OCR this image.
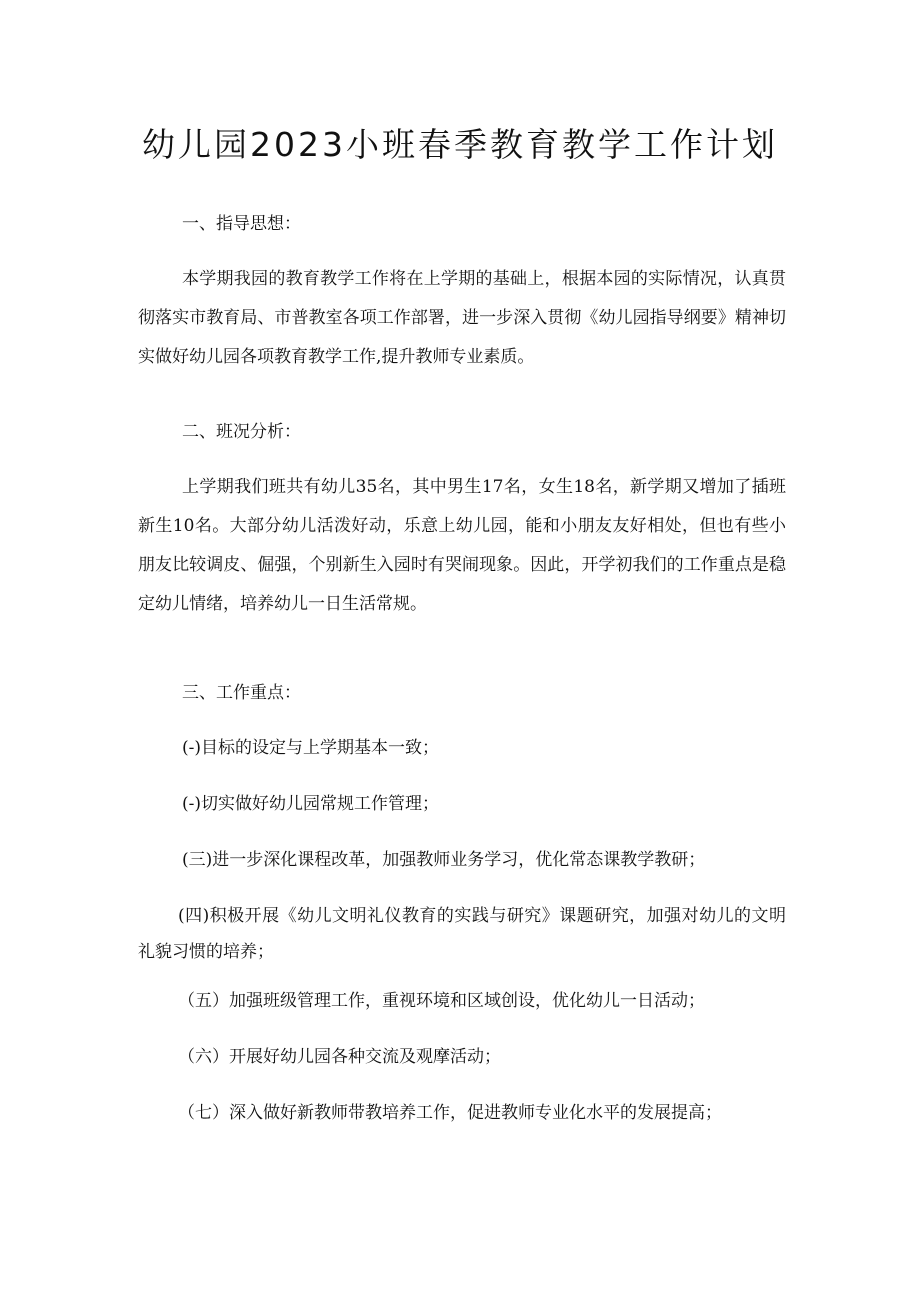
幼儿园2023小班春季教育教学工作计划

一、指导思想：

本学期我园的教育教学工作将在上学期的基础上，根据本园的实际情况，认真贯彻落实市教育局、市普教室各项工作部署，进一步深入贯彻《幼儿园指导纲要》精神切实做好幼儿园各项教育教学工作,提升教师专业素质。

二、班况分析：

上学期我们班共有幼儿35名，其中男生17名，女生18名，新学期又增加了插班新生10名。大部分幼儿活泼好动，乐意上幼儿园，能和小朋友友好相处，但也有些小朋友比较调皮、倔强，个别新生入园时有哭闹现象。因此，开学初我们的工作重点是稳定幼儿情绪，培养幼儿一日生活常规。

三、工作重点：

(-)目标的设定与上学期基本一致；

(-)切实做好幼儿园常规工作管理；

(三)进一步深化课程改革，加强教师业务学习，优化常态课教学教研；

(四)积极开展《幼儿文明礼仪教育的实践与研究》课题研究，加强对幼儿的文明礼貌习惯的培养；

（五）加强班级管理工作，重视环境和区域创设，优化幼儿一日活动；

（六）开展好幼儿园各种交流及观摩活动；

（七）深入做好新教师带教培养工作，促进教师专业化水平的发展提高；
